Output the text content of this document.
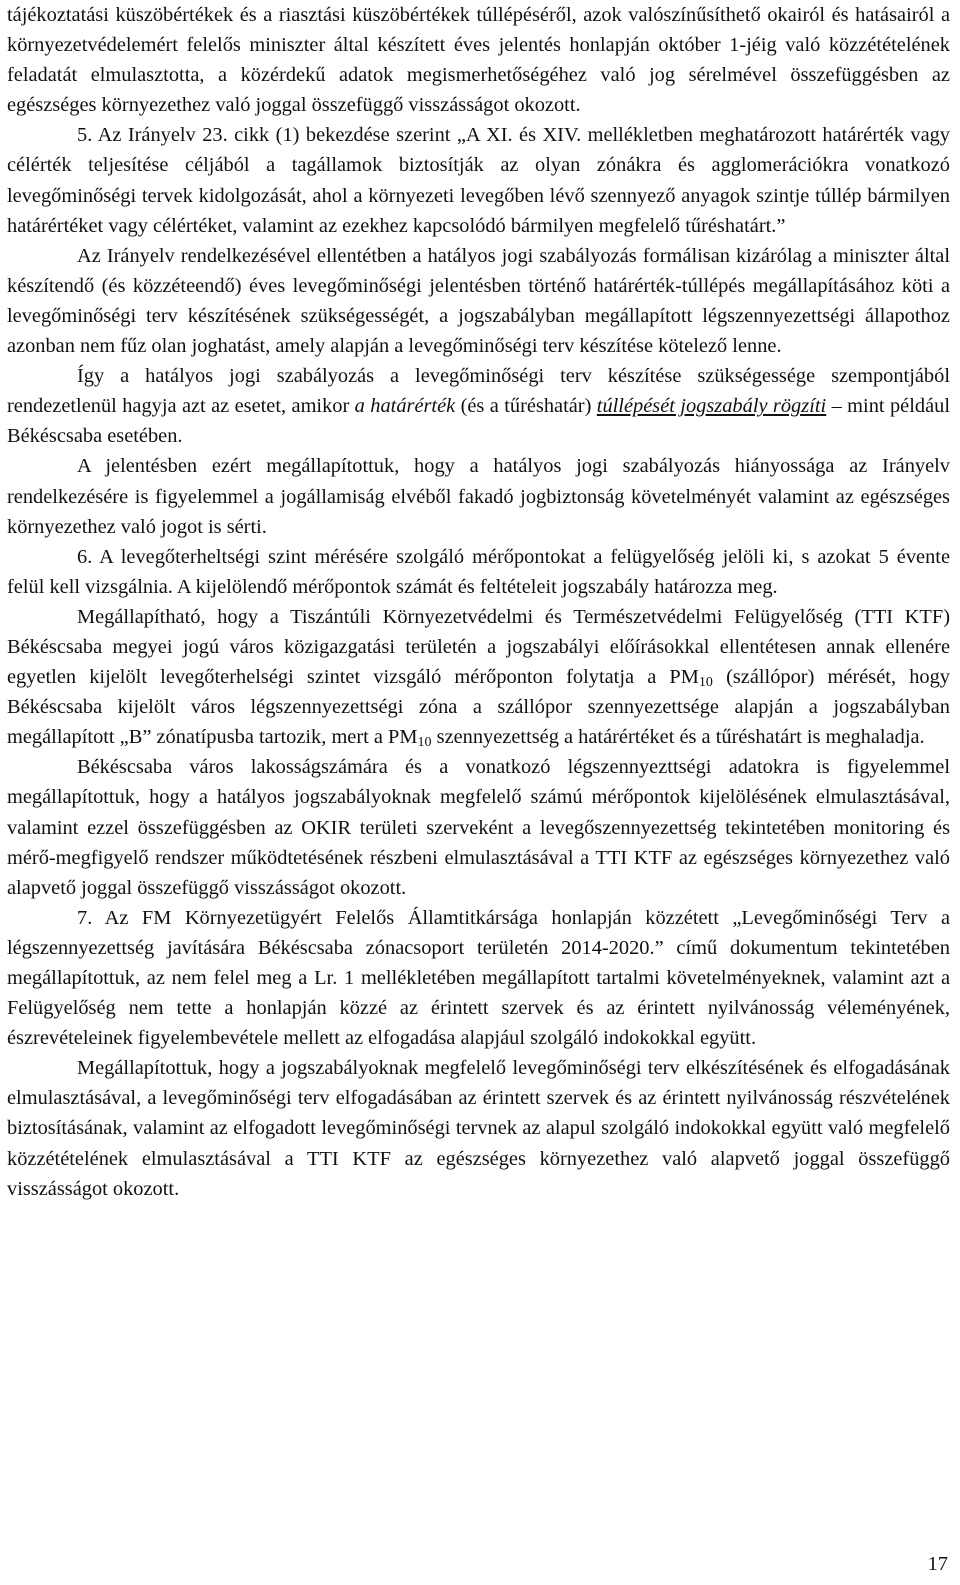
tájékoztatási küszöbértékek és a riasztási küszöbértékek túllépéséről, azok valószínűsíthető okairól és hatásairól a környezetvédelemért felelős miniszter által készített éves jelentés honlapján október 1-jéig való közzétételének feladatát elmulasztotta, a közérdekű adatok megismerhetőségéhez való jog sérelmével összefüggésben az egészséges környezethez való joggal összefüggő visszásságot okozott.

5. Az Irányelv 23. cikk (1) bekezdése szerint „A XI. és XIV. mellékletben meghatározott határérték vagy célérték teljesítése céljából a tagállamok biztosítják az olyan zónákra és agglomerációkra vonatkozó levegőminőségi tervek kidolgozását, ahol a környezeti levegőben lévő szennyező anyagok szintje túllép bármilyen határértéket vagy célértéket, valamint az ezekhez kapcsolódó bármilyen megfelelő tűréshatárt.”

Az Irányelv rendelkezésével ellentétben a hatályos jogi szabályozás formálisan kizárólag a miniszter által készítendő (és közzéteendő) éves levegőminőségi jelentésben történő határérték-túllépés megállapításához köti a levegőminőségi terv készítésének szükségességét, a jogszabályban megállapított légszennyezettségi állapothoz azonban nem fűz olan joghatást, amely alapján a levegőminőségi terv készítése kötelező lenne.

Így a hatályos jogi szabályozás a levegőminőségi terv készítése szükségessége szempontjából rendezetlenül hagyja azt az esetet, amikor a határérték (és a tűréshatár) túllépését jogszabály rögzíti – mint például Békéscsaba esetében.

A jelentésben ezért megállapítottuk, hogy a hatályos jogi szabályozás hiányossága az Irányelv rendelkezésére is figyelemmel a jogállamiság elvéből fakadó jogbiztonság követelményét valamint az egészséges környezethez való jogot is sérti.

6. A levegőterheltségi szint mérésére szolgáló mérőpontokat a felügyelőség jelöli ki, s azokat 5 évente felül kell vizsgálnia. A kijelölendő mérőpontok számát és feltételeit jogszabály határozza meg.

Megállapítható, hogy a Tiszántúli Környezetvédelmi és Természetvédelmi Felügyelőség (TTI KTF) Békéscsaba megyei jogú város közigazgatási területén a jogszabályi előírásokkal ellentétesen annak ellenére egyetlen kijelölt levegőterhelségi szintet vizsgáló mérőponton folytatja a $PM_{10}$ (szállópor) mérését, hogy Békéscsaba kijelölt város légszennyezettségi zóna a szállópor szennyezettsége alapján a jogszabályban megállapított „B” zónatípusba tartozik, mert a $PM_{10}$ szennyezettség a határértéket és a tűréshatárt is meghaladja.

Békéscsaba város lakosságszámára és a vonatkozó légszennyezttségi adatokra is figyelemmel megállapítottuk, hogy a hatályos jogszabályoknak megfelelő számú mérőpontok kijelölésének elmulasztásával, valamint ezzel összefüggésben az OKIR területi szerveként a levegőszennyezettség tekintetében monitoring és mérő-megfigyelő rendszer működtetésének részbeni elmulasztásával a TTI KTF az egészséges környezethez való alapvető joggal összefüggő visszásságot okozott.

7. Az FM Környezetügyért Felelős Államtitkársága honlapján közzétett „Levegőminőségi Terv a légszennyezettség javítására Békéscsaba zónacsoport területén 2014-2020.” című dokumentum tekintetében megállapítottuk, az nem felel meg a Lr. 1 mellékletében megállapított tartalmi követelményeknek, valamint azt a Felügyelőség nem tette a honlapján közzé az érintett szervek és az érintett nyilvánosság véleményének, észrevételeinek figyelembevétele mellett az elfogadása alapjául szolgáló indokokkal együtt.

Megállapítottuk, hogy a jogszabályoknak megfelelő levegőminőségi terv elkészítésének és elfogadásának elmulasztásával, a levegőminőségi terv elfogadásában az érintett szervek és az érintett nyilvánosság részvételének biztosításának, valamint az elfogadott levegőminőségi tervnek az alapul szolgáló indokokkal együtt való megfelelő közzétételének elmulasztásával a TTI KTF az egészséges környezethez való alapvető joggal összefüggő visszásságot okozott.

17
